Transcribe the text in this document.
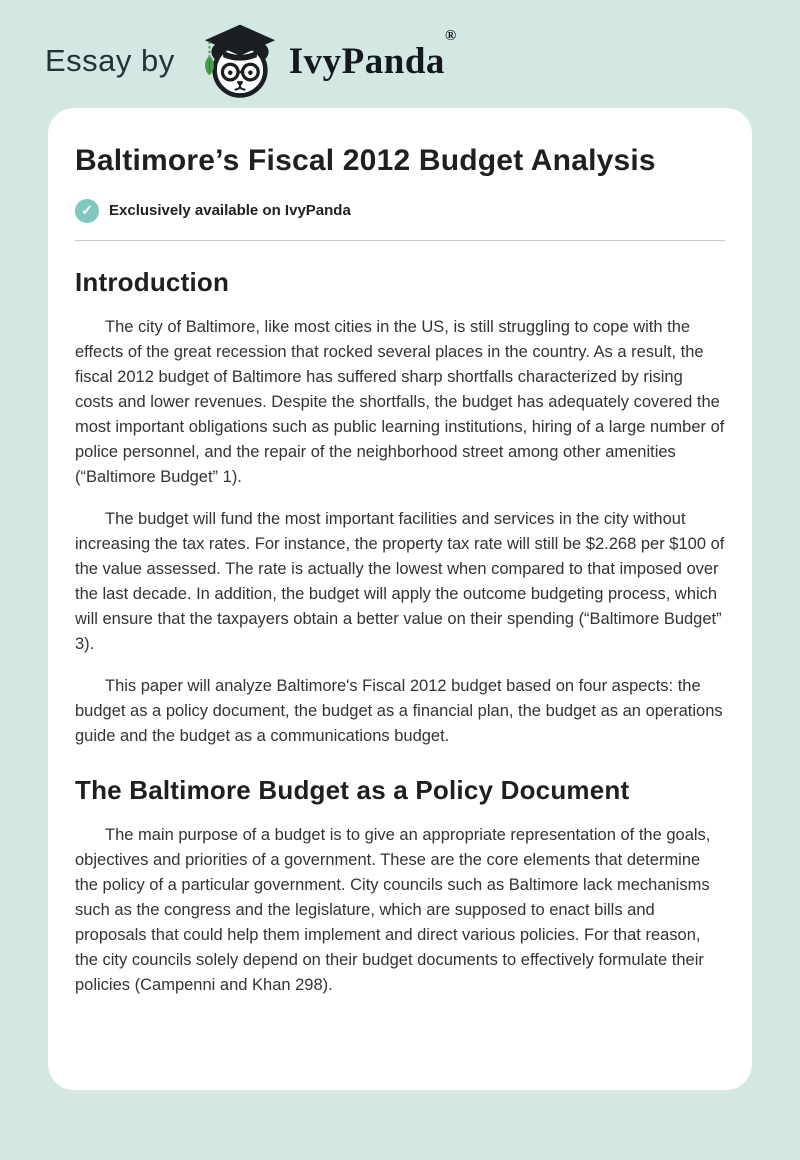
Essay by	IvyPanda
®
Baltimore’s Fiscal 2012 Budget Analysis
✓	Exclusively available on IvyPanda
Introduction

The city of Baltimore, like most cities in the US, is still struggling to cope with the effects of the great recession that rocked several places in the country. As a result, the fiscal 2012 budget of Baltimore has suffered sharp shortfalls characterized by rising costs and lower revenues. Despite the shortfalls, the budget has adequately covered the most important obligations such as public learning institutions, hiring of a large number of police personnel, and the repair of the neighborhood street among other amenities (“Baltimore Budget” 1).

The budget will fund the most important facilities and services in the city without increasing the tax rates. For instance, the property tax rate will still be $2.268 per $100 of the value assessed. The rate is actually the lowest when compared to that imposed over the last decade. In addition, the budget will apply the outcome budgeting process, which will ensure that the taxpayers obtain a better value on their spending (“Baltimore Budget” 3).

This paper will analyze Baltimore's Fiscal 2012 budget based on four aspects: the budget as a policy document, the budget as a financial plan, the budget as an operations guide and the budget as a communications budget.

The Baltimore Budget as a Policy Document

The main purpose of a budget is to give an appropriate representation of the goals, objectives and priorities of a government. These are the core elements that determine the policy of a particular government. City councils such as Baltimore lack mechanisms such as the congress and the legislature, which are supposed to enact bills and proposals that could help them implement and direct various policies. For that reason, the city councils solely depend on their budget documents to effectively formulate their policies (Campenni and Khan 298).
